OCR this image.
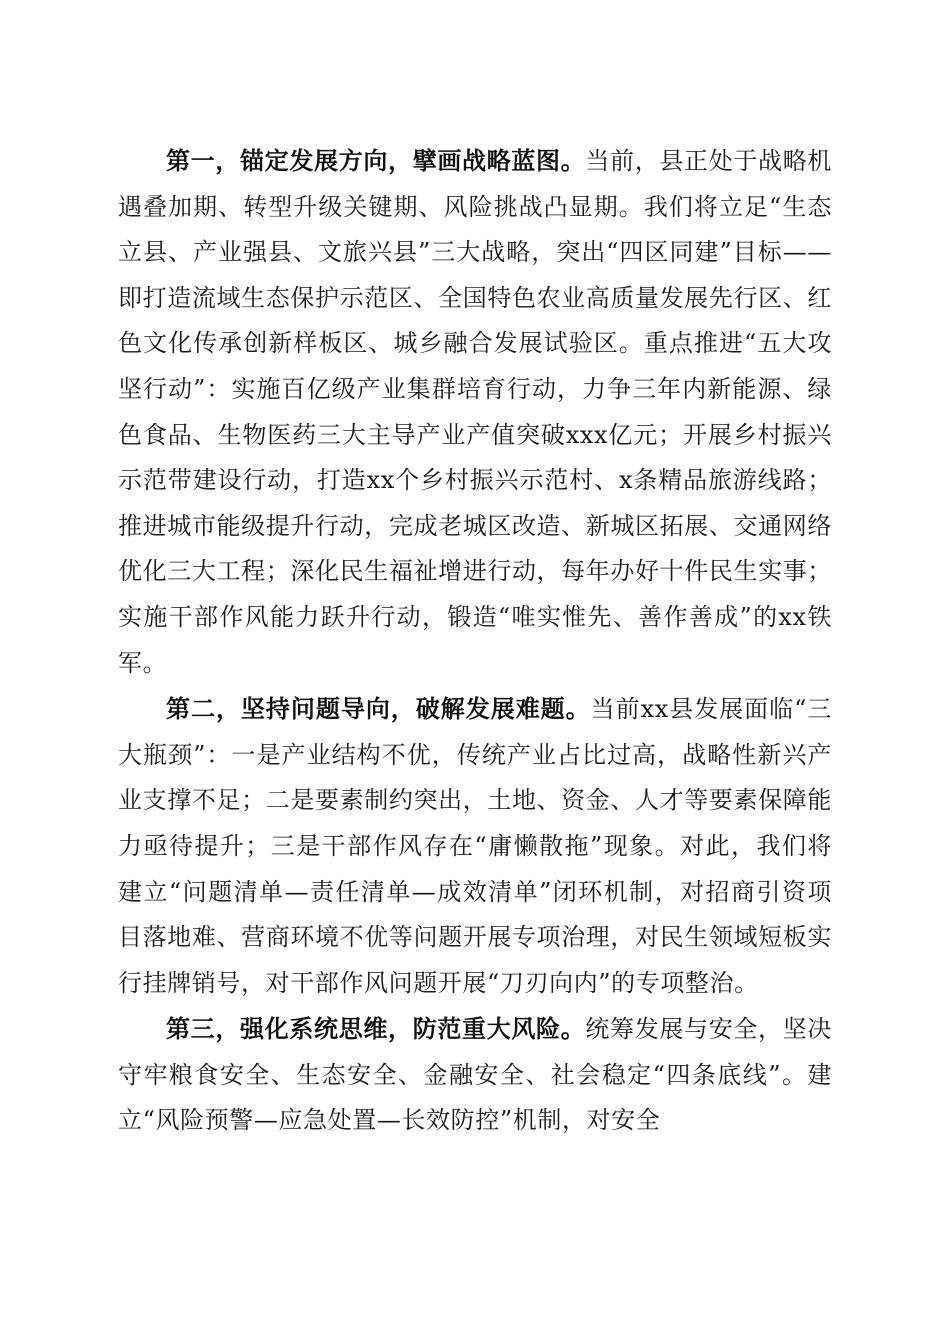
第一，锚定发展方向，擘画战略蓝图。当前，县正处于战略机遇叠加期、转型升级关键期、风险挑战凸显期。我们将立足“生态立县、产业强县、文旅兴县”三大战略，突出“四区同建”目标——即打造流域生态保护示范区、全国特色农业高质量发展先行区、红色文化传承创新样板区、城乡融合发展试验区。重点推进“五大攻坚行动”：实施百亿级产业集群培育行动，力争三年内新能源、绿色食品、生物医药三大主导产业产值突破xxx亿元；开展乡村振兴示范带建设行动，打造xx个乡村振兴示范村、x条精品旅游线路；推进城市能级提升行动，完成老城区改造、新城区拓展、交通网络优化三大工程；深化民生福祉增进行动，每年办好十件民生实事；实施干部作风能力跃升行动，锻造“唯实惟先、善作善成”的xx铁军。

第二，坚持问题导向，破解发展难题。当前xx县发展面临“三大瓶颈”：一是产业结构不优，传统产业占比过高，战略性新兴产业支撑不足；二是要素制约突出，土地、资金、人才等要素保障能力亟待提升；三是干部作风存在“庸懒散拖”现象。对此，我们将建立“问题清单—责任清单—成效清单”闭环机制，对招商引资项目落地难、营商环境不优等问题开展专项治理，对民生领域短板实行挂牌销号，对干部作风问题开展“刀刃向内”的专项整治。

第三，强化系统思维，防范重大风险。统筹发展与安全，坚决守牢粮食安全、生态安全、金融安全、社会稳定“四条底线”。建立“风险预警—应急处置—长效防控”机制，对安全
